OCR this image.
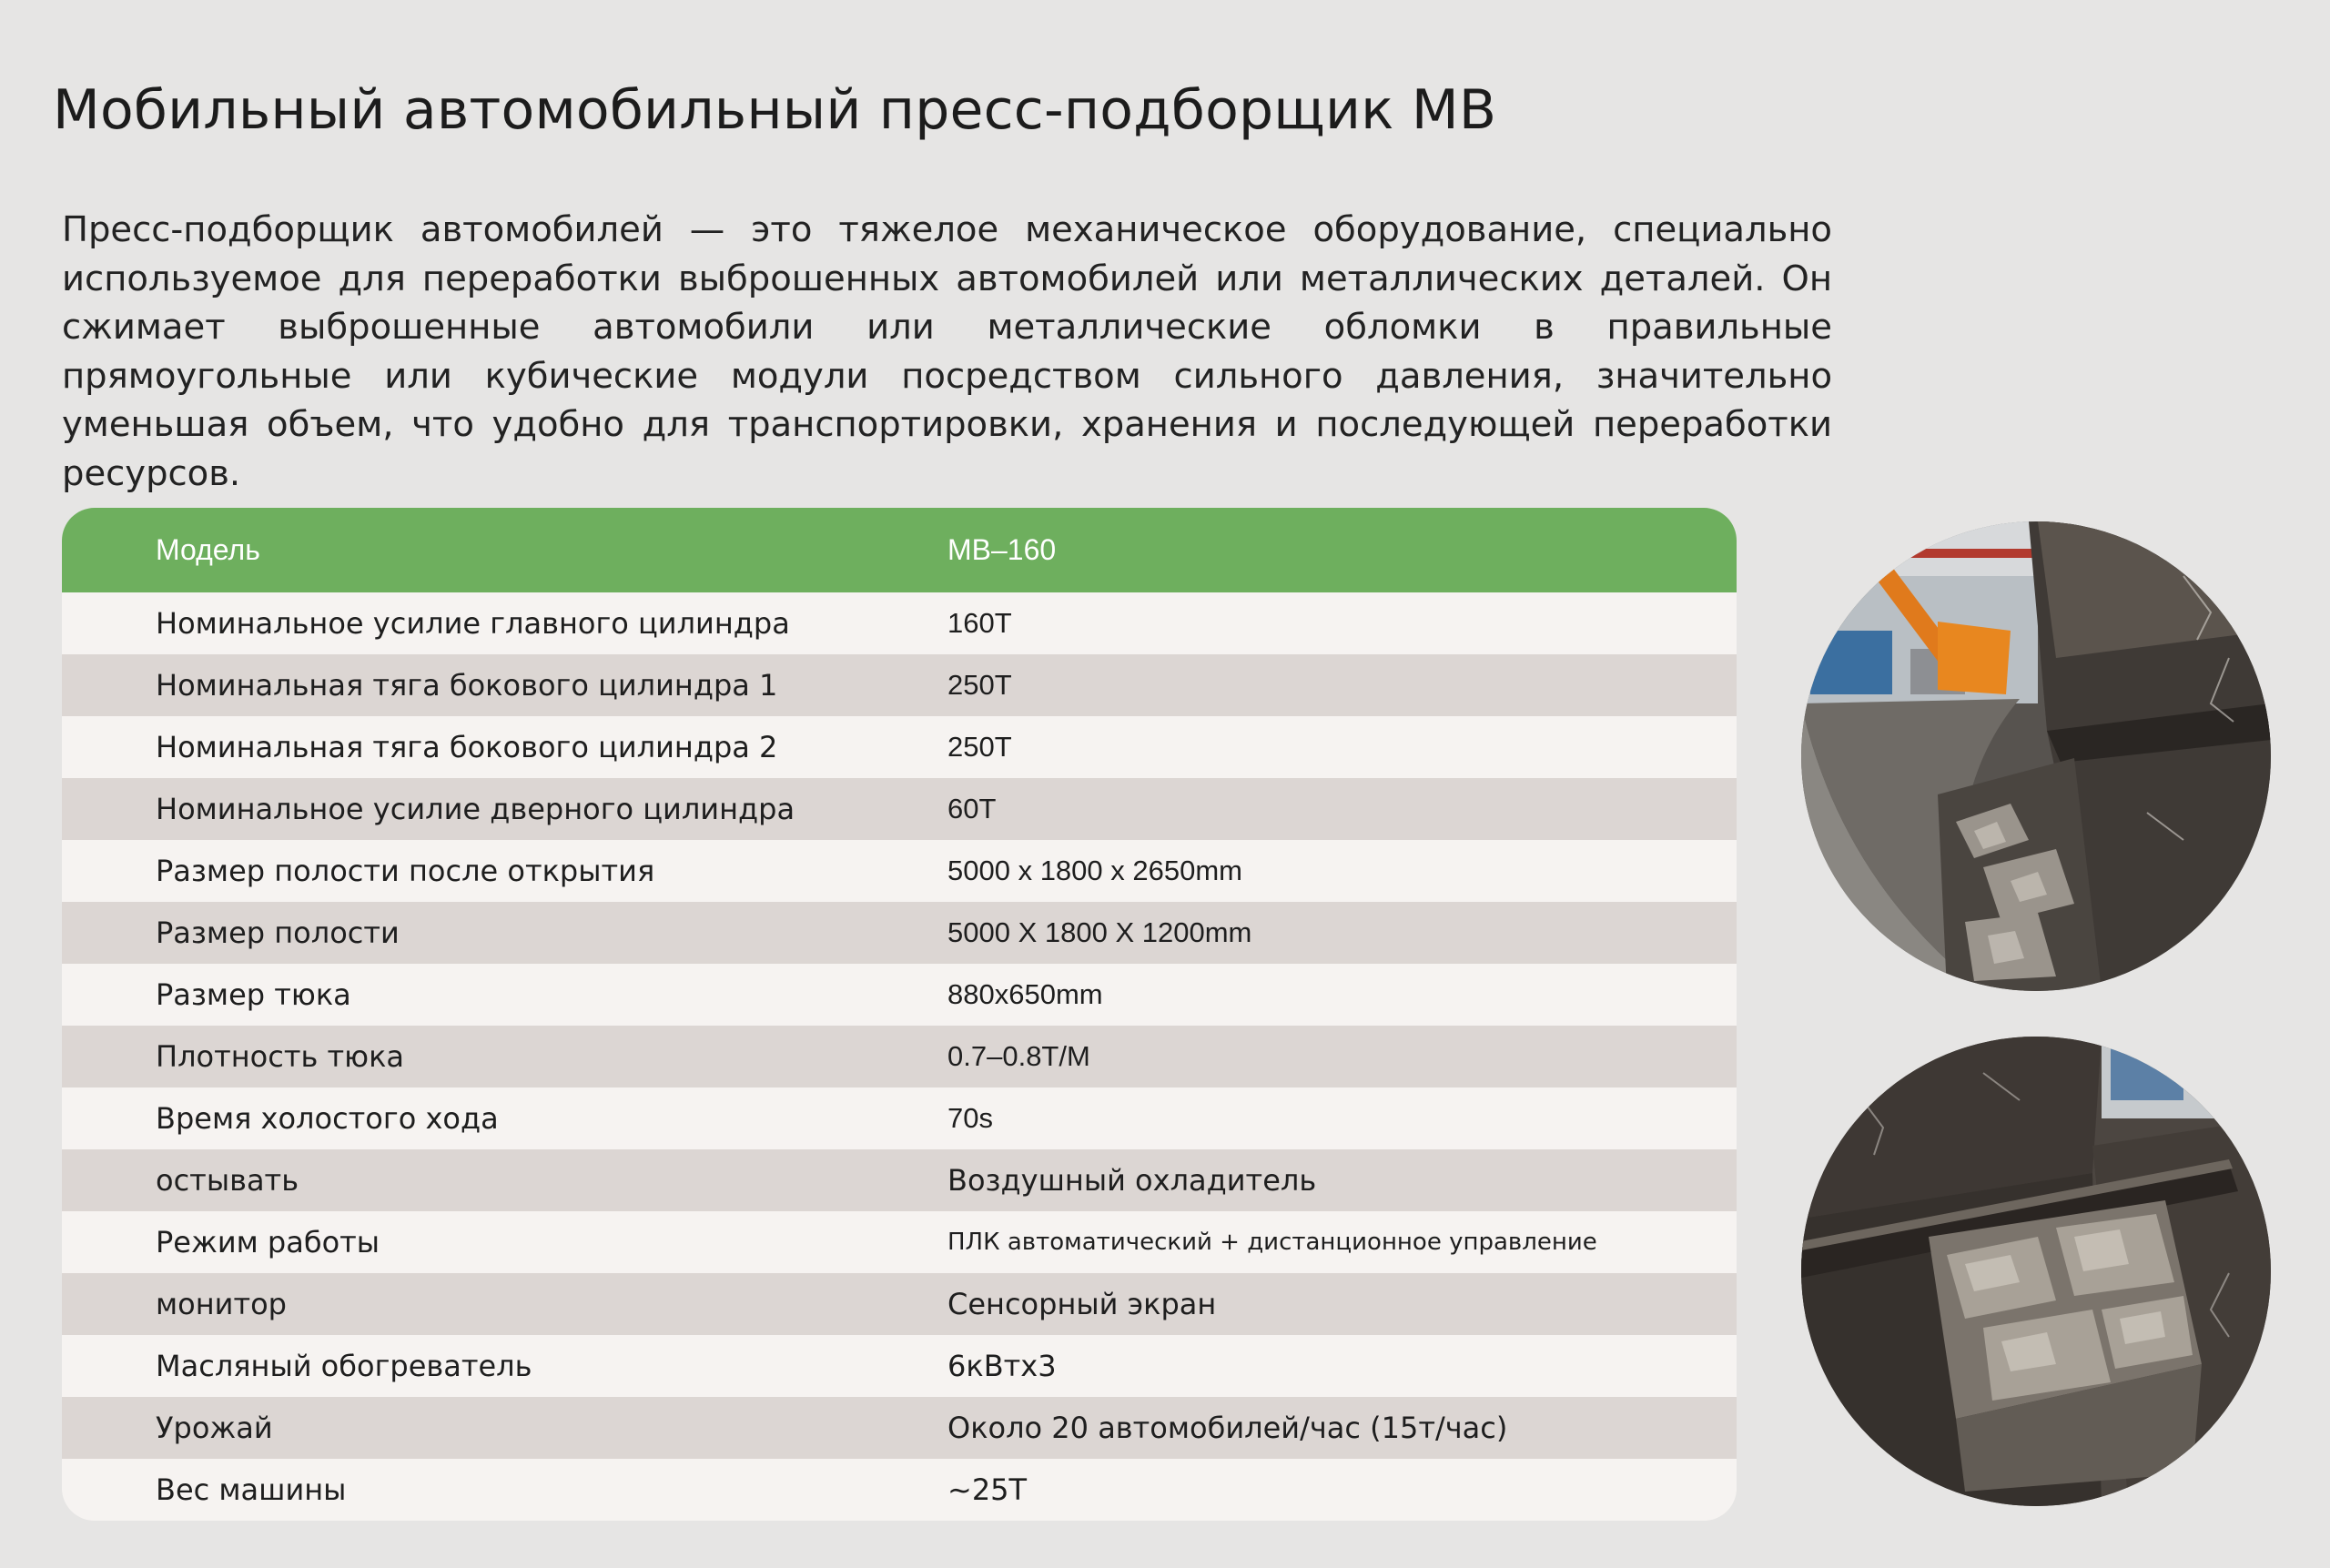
Мобильный автомобильный пресс-подборщик MB

Пресс-подборщик автомобилей — это тяжелое механическое оборудование, специально используемое для переработки выброшенных автомобилей или металлических деталей. Он сжимает выброшенные автомобили или металлические обломки в правильные прямоугольные или кубические модули посредством сильного давления, значительно уменьшая объем, что удобно для транспортировки, хранения и последующей переработки ресурсов.

Модель	MB–160
Номинальное усилие главного цилиндра	160T
Номинальная тяга бокового цилиндра 1	250T
Номинальная тяга бокового цилиндра 2	250T
Номинальное усилие дверного цилиндра	60T
Размер полости после открытия	5000 x 1800 x 2650mm
Размер полости	5000 X 1800 X 1200mm
Размер тюка	880x650mm
Плотность тюка	0.7–0.8T/M
Время холостого хода	70s
остывать	Воздушный охладитель
Режим работы	ПЛК автоматический + дистанционное управление
монитор	Сенсорный экран
Масляный обогреватель	6кВтх3
Урожай	Около 20 автомобилей/час (15т/час)
Вес машины	~25T
